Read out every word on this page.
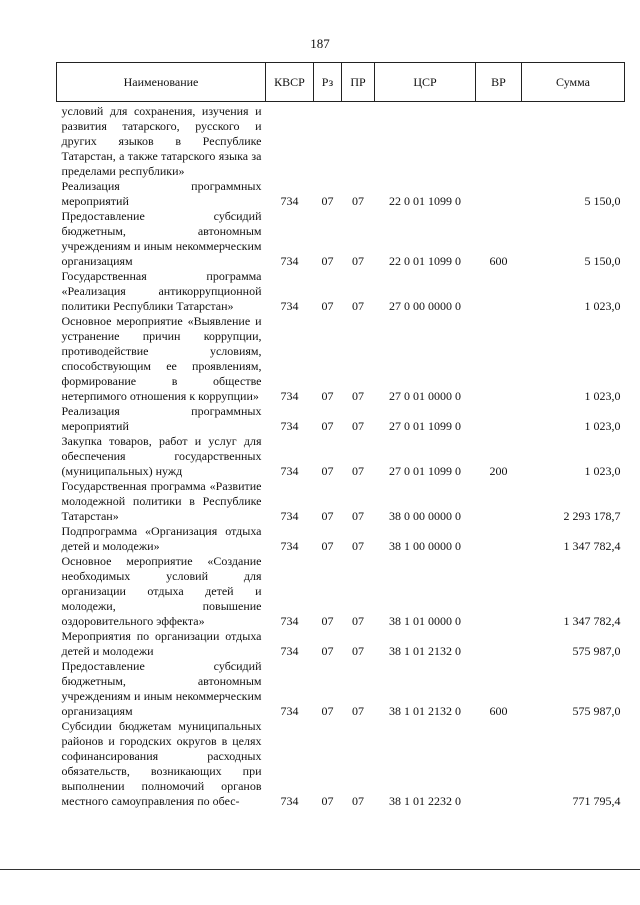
187
Наименование	КВСР	Рз	ПР	ЦСР	ВР	Сумма

условий для сохранения, изучения и развития татарского, русского и других языков в Республике Татарстан, а также татарского языка за пределами республики»						

Реализация программных мероприятий	734	07	07	22 0 01 1099 0		5 150,0

Предоставление субсидий бюджетным, автономным учреждениям и иным некоммерческим организациям	734	07	07	22 0 01 1099 0	600	5 150,0

Государственная программа «Реализация антикоррупционной политики Республики Татарстан»	734	07	07	27 0 00 0000 0		1 023,0

Основное мероприятие «Выявление и устранение причин коррупции, противодействие условиям, способствующим ее проявлениям, формирование в обществе нетерпимого отношения к коррупции»	734	07	07	27 0 01 0000 0		1 023,0

Реализация программных мероприятий	734	07	07	27 0 01 1099 0		1 023,0

Закупка товаров, работ и услуг для обеспечения государственных (муниципальных) нужд	734	07	07	27 0 01 1099 0	200	1 023,0

Государственная программа «Развитие молодежной политики в Республике Татарстан»	734	07	07	38 0 00 0000 0		2 293 178,7

Подпрограмма «Организация отдыха детей и молодежи»	734	07	07	38 1 00 0000 0		1 347 782,4

Основное мероприятие «Создание необходимых условий для организации отдыха детей и молодежи, повышение оздоровительного эффекта»	734	07	07	38 1 01 0000 0		1 347 782,4

Мероприятия по организации отдыха детей и молодежи	734	07	07	38 1 01 2132 0		575 987,0

Предоставление субсидий бюджетным, автономным учреждениям и иным некоммерческим организациям	734	07	07	38 1 01 2132 0	600	575 987,0

Субсидии бюджетам муниципальных районов и городских округов в целях софинансирования расходных обязательств, возникающих при выполнении полномочий органов местного самоуправления по обес-	734	07	07	38 1 01 2232 0		771 795,4
